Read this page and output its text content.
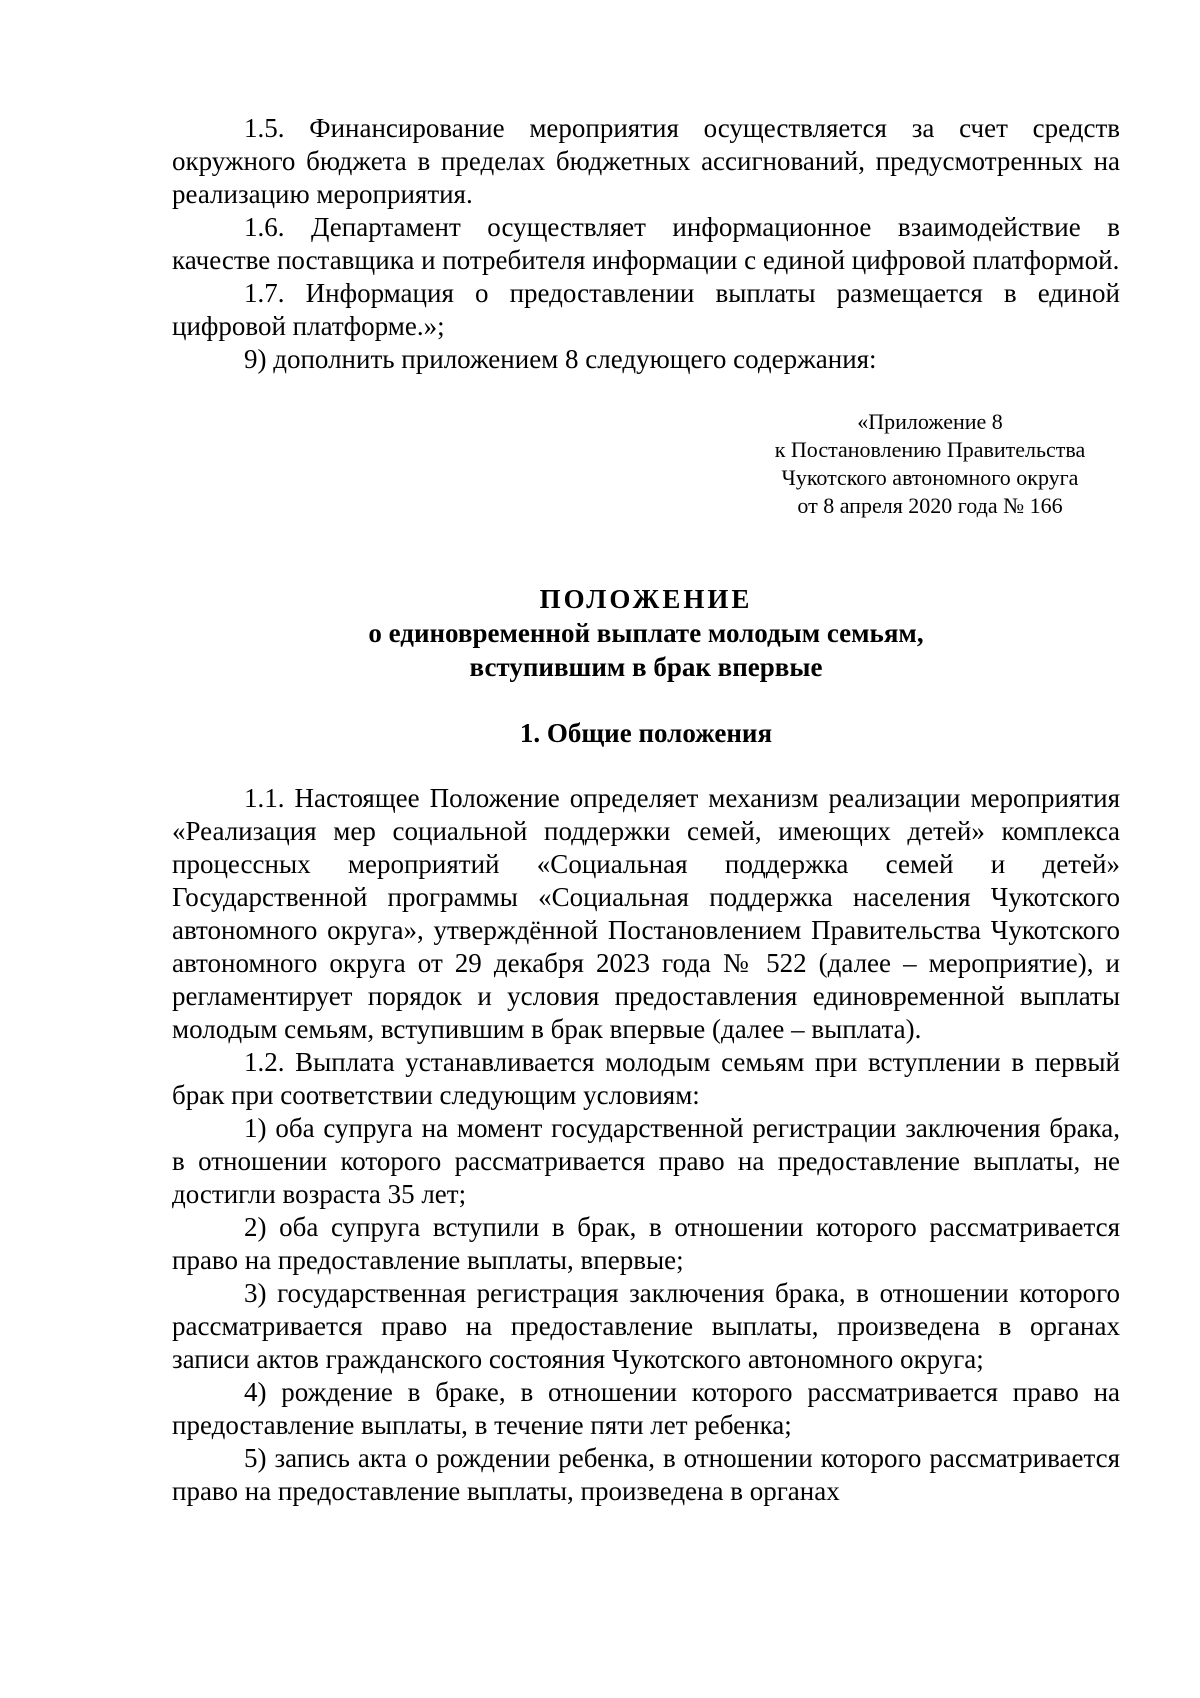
1.5. Финансирование мероприятия осуществляется за счет средств окружного бюджета в пределах бюджетных ассигнований, предусмотренных на реализацию мероприятия.

1.6. Департамент осуществляет информационное взаимодействие в качестве поставщика и потребителя информации с единой цифровой платформой.

1.7. Информация о предоставлении выплаты размещается в единой цифровой платформе.»;

9) дополнить приложением 8 следующего содержания:

«Приложение 8
к Постановлению Правительства
Чукотского автономного округа
от 8 апреля 2020 года № 166
ПОЛОЖЕНИЕ
о единовременной выплате молодым семьям,
вступившим в брак впервые
1. Общие положения

1.1. Настоящее Положение определяет механизм реализации мероприятия «Реализация мер социальной поддержки семей, имеющих детей» комплекса процессных мероприятий «Социальная поддержка семей и детей» Государственной программы «Социальная поддержка населения Чукотского автономного округа», утверждённой Постановлением Правительства Чукотского автономного округа от 29 декабря 2023 года № 522 (далее – мероприятие), и регламентирует порядок и условия предоставления единовременной выплаты молодым семьям, вступившим в брак впервые (далее – выплата).

1.2. Выплата устанавливается молодым семьям при вступлении в первый брак при соответствии следующим условиям:

1) оба супруга на момент государственной регистрации заключения брака, в отношении которого рассматривается право на предоставление выплаты, не достигли возраста 35 лет;

2) оба супруга вступили в брак, в отношении которого рассматривается право на предоставление выплаты, впервые;

3) государственная регистрация заключения брака, в отношении которого рассматривается право на предоставление выплаты, произведена в органах записи актов гражданского состояния Чукотского автономного округа;

4) рождение в браке, в отношении которого рассматривается право на предоставление выплаты, в течение пяти лет ребенка;

5) запись акта о рождении ребенка, в отношении которого рассматривается право на предоставление выплаты, произведена в органах
